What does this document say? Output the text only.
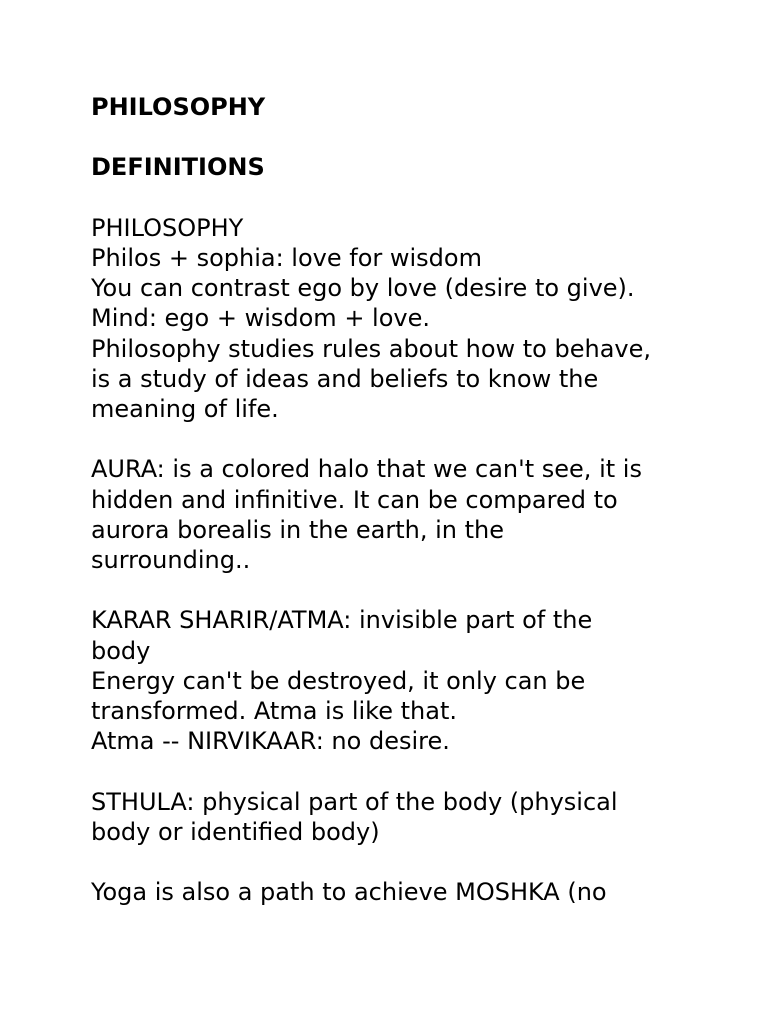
PHILOSOPHY
DEFINITIONS
PHILOSOPHY
Philos + sophia: love for wisdom
You can contrast ego by love (desire to give).
Mind: ego + wisdom + love.
Philosophy studies rules about how to behave,
is a study of ideas and beliefs to know the
meaning of life.
AURA: is a colored halo that we can't see, it is
hidden and infinitive. It can be compared to
aurora borealis in the earth, in the
surrounding..
KARAR SHARIR/ATMA: invisible part of the
body
Energy can't be destroyed, it only can be
transformed. Atma is like that.
Atma -- NIRVIKAAR: no desire.
STHULA: physical part of the body (physical
body or identified body)
Yoga is also a path to achieve MOSHKA (no
